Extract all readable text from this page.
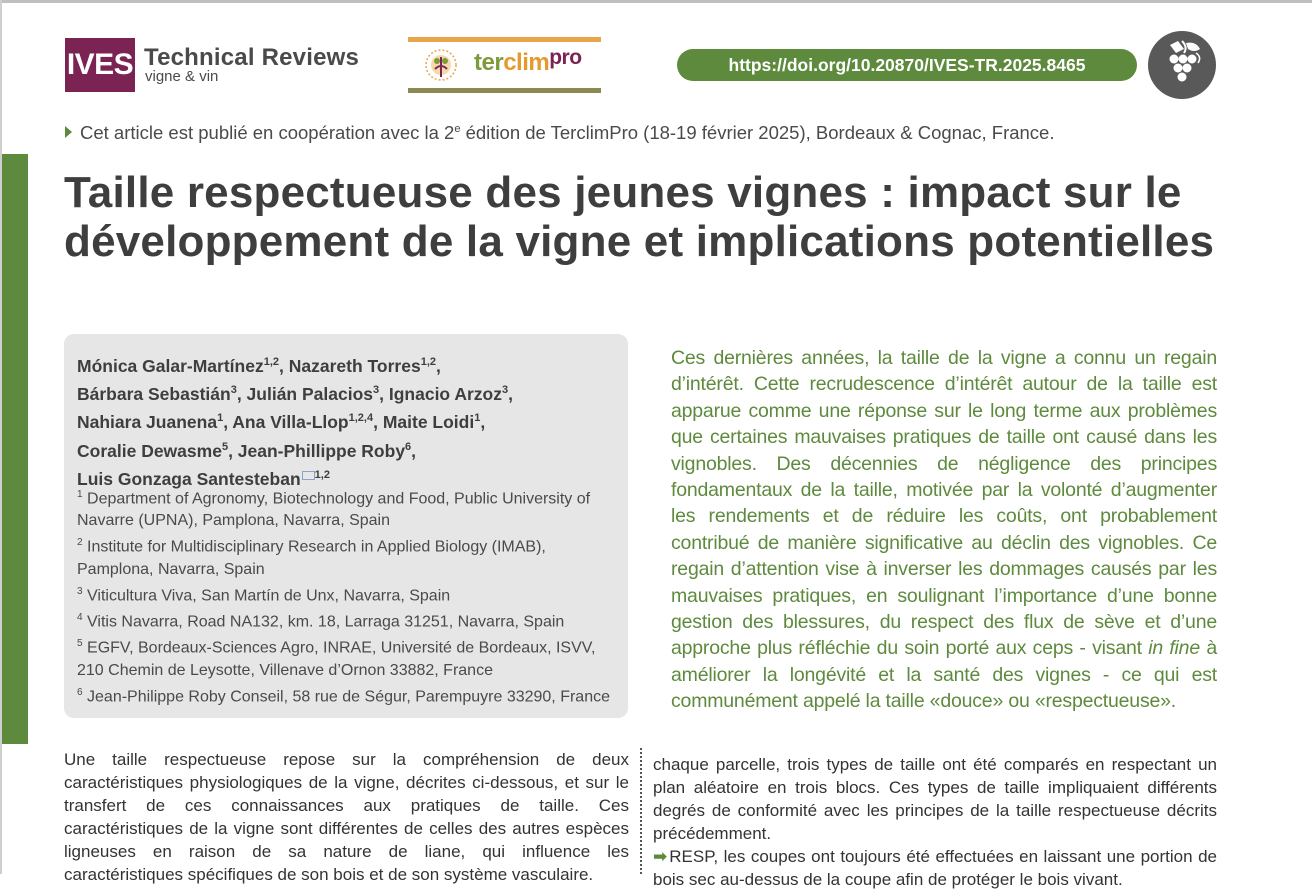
IVES Technical Reviews
vigne & vin
terclimpro	https://doi.org/10.20870/IVES-TR.2025.8465
Cet article est publié en coopération avec la 2e édition de TerclimPro (18-19 février 2025), Bordeaux & Cognac, France.
Taille respectueuse des jeunes vignes : impact sur le développement de la vigne et implications potentielles
Mónica Galar-Martínez$^{1,2}$, Nazareth Torres$^{1,2}$,
Bárbara Sebastián$^3$, Julián Palacios$^3$, Ignacio Arzoz$^3$,
Nahiara Juanena$^1$, Ana Villa-Llop$^{1,2,4}$, Maite Loidi$^1$,
Coralie Dewasme$^5$, Jean-Phillippe Roby$^6$,
Luis Gonzaga Santesteban $^{1,2}$
$^1$ Department of Agronomy, Biotechnology and Food, Public University of Navarre (UPNA), Pamplona, Navarra, Spain
$^2$ Institute for Multidisciplinary Research in Applied Biology (IMAB), Pamplona, Navarra, Spain
$^3$ Viticultura Viva, San Martín de Unx, Navarra, Spain
$^4$ Vitis Navarra, Road NA132, km. 18, Larraga 31251, Navarra, Spain
$^5$ EGFV, Bordeaux-Sciences Agro, INRAE, Université de Bordeaux, ISVV, 210 Chemin de Leysotte, Villenave d’Ornon 33882, France
$^6$ Jean-Philippe Roby Conseil, 58 rue de Ségur, Parempuyre 33290, France

Ces dernières années, la taille de la vigne a connu un regain d’intérêt. Cette recrudescence d’intérêt autour de la taille est apparue comme une réponse sur le long terme aux problèmes que certaines mauvaises pratiques de taille ont causé dans les vignobles. Des décennies de négligence des principes fondamentaux de la taille, motivée par la volonté d’augmenter les rendements et de réduire les coûts, ont probablement contribué de manière significative au déclin des vignobles. Ce regain d’attention vise à inverser les dommages causés par les mauvaises pratiques, en soulignant l’importance d’une bonne gestion des blessures, du respect des flux de sève et d’une approche plus réfléchie du soin porté aux ceps - visant in fine à améliorer la longévité et la santé des vignes - ce qui est communément appelé la taille «douce» ou «respectueuse».

Une taille respectueuse repose sur la compréhension de deux caractéristiques physiologiques de la vigne, décrites ci-dessous, et sur le transfert de ces connaissances aux pratiques de taille. Ces caractéristiques de la vigne sont différentes de celles des autres espèces ligneuses en raison de sa nature de liane, qui influence les caractéristiques spécifiques de son bois et de son système vasculaire.

chaque parcelle, trois types de taille ont été comparés en respectant un plan aléatoire en trois blocs. Ces types de taille impliquaient différents degrés de conformité avec les principes de la taille respectueuse décrits précédemment.

➡ RESP, les coupes ont toujours été effectuées en laissant une portion de bois sec au-dessus de la coupe afin de protéger le bois vivant.
